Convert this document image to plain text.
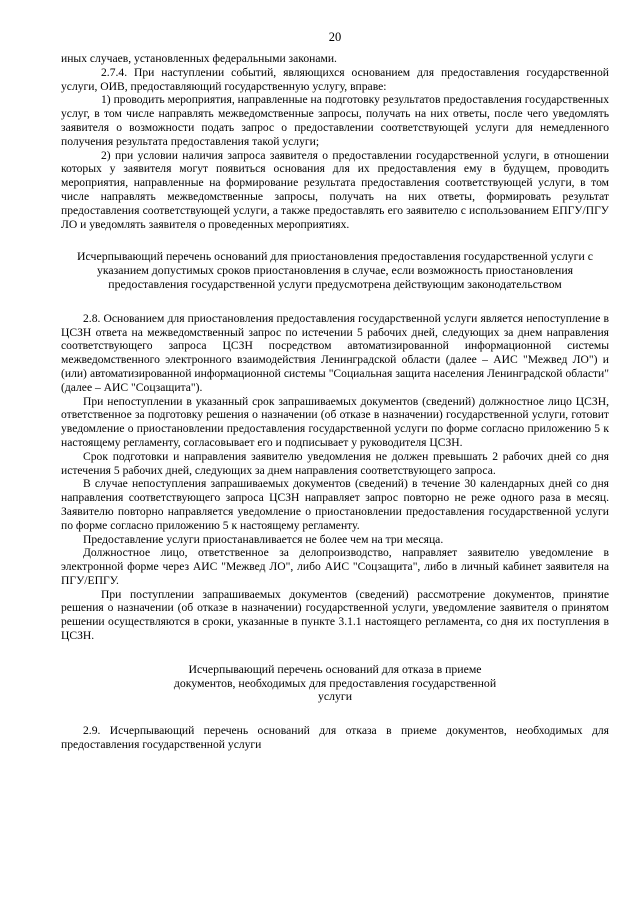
20

иных случаев, установленных федеральными законами.

2.7.4. При наступлении событий, являющихся основанием для предоставления государственной услуги, ОИВ, предоставляющий государственную услугу, вправе:

1) проводить мероприятия, направленные на подготовку результатов предоставления государственных услуг, в том числе направлять межведомственные запросы, получать на них ответы, после чего уведомлять заявителя о возможности подать запрос о предоставлении соответствующей услуги для немедленного получения результата предоставления такой услуги;

2) при условии наличия запроса заявителя о предоставлении государственной услуги, в отношении которых у заявителя могут появиться основания для их предоставления ему в будущем, проводить мероприятия, направленные на формирование результата предоставления соответствующей услуги, в том числе направлять межведомственные запросы, получать на них ответы, формировать результат предоставления соответствующей услуги, а также предоставлять его заявителю с использованием ЕПГУ/ПГУ ЛО и уведомлять заявителя о проведенных мероприятиях.

Исчерпывающий перечень оснований для приостановления предоставления государственной услуги с указанием допустимых сроков приостановления в случае, если возможность приостановления предоставления государственной услуги предусмотрена действующим законодательством

2.8. Основанием для приостановления предоставления государственной услуги является непоступление в ЦСЗН ответа на межведомственный запрос по истечении 5 рабочих дней, следующих за днем направления соответствующего запроса ЦСЗН посредством автоматизированной информационной системы межведомственного электронного взаимодействия Ленинградской области (далее – АИС "Межвед ЛО") и (или) автоматизированной информационной системы "Социальная защита населения Ленинградской области" (далее – АИС "Соцзащита").

При непоступлении в указанный срок запрашиваемых документов (сведений) должностное лицо ЦСЗН, ответственное за подготовку решения о назначении (об отказе в назначении) государственной услуги, готовит уведомление о приостановлении предоставления государственной услуги по форме согласно приложению 5 к настоящему регламенту, согласовывает его и подписывает у руководителя ЦСЗН.

Срок подготовки и направления заявителю уведомления не должен превышать 2 рабочих дней со дня истечения 5 рабочих дней, следующих за днем направления соответствующего запроса.

В случае непоступления запрашиваемых документов (сведений) в течение 30 календарных дней со дня направления соответствующего запроса ЦСЗН направляет запрос повторно не реже одного раза в месяц. Заявителю повторно направляется уведомление о приостановлении предоставления государственной услуги по форме согласно приложению 5 к настоящему регламенту.

Предоставление услуги приостанавливается не более чем на три месяца.

Должностное лицо, ответственное за делопроизводство, направляет заявителю уведомление в электронной форме через АИС "Межвед ЛО", либо АИС "Соцзащита", либо в личный кабинет заявителя на ПГУ/ЕПГУ.

При поступлении запрашиваемых документов (сведений) рассмотрение документов, принятие решения о назначении (об отказе в назначении) государственной услуги, уведомление заявителя о принятом решении осуществляются в сроки, указанные в пункте 3.1.1 настоящего регламента, со дня их поступления в ЦСЗН.

Исчерпывающий перечень оснований для отказа в приеме документов, необходимых для предоставления государственной услуги

2.9. Исчерпывающий перечень оснований для отказа в приеме документов, необходимых для предоставления государственной услуги
